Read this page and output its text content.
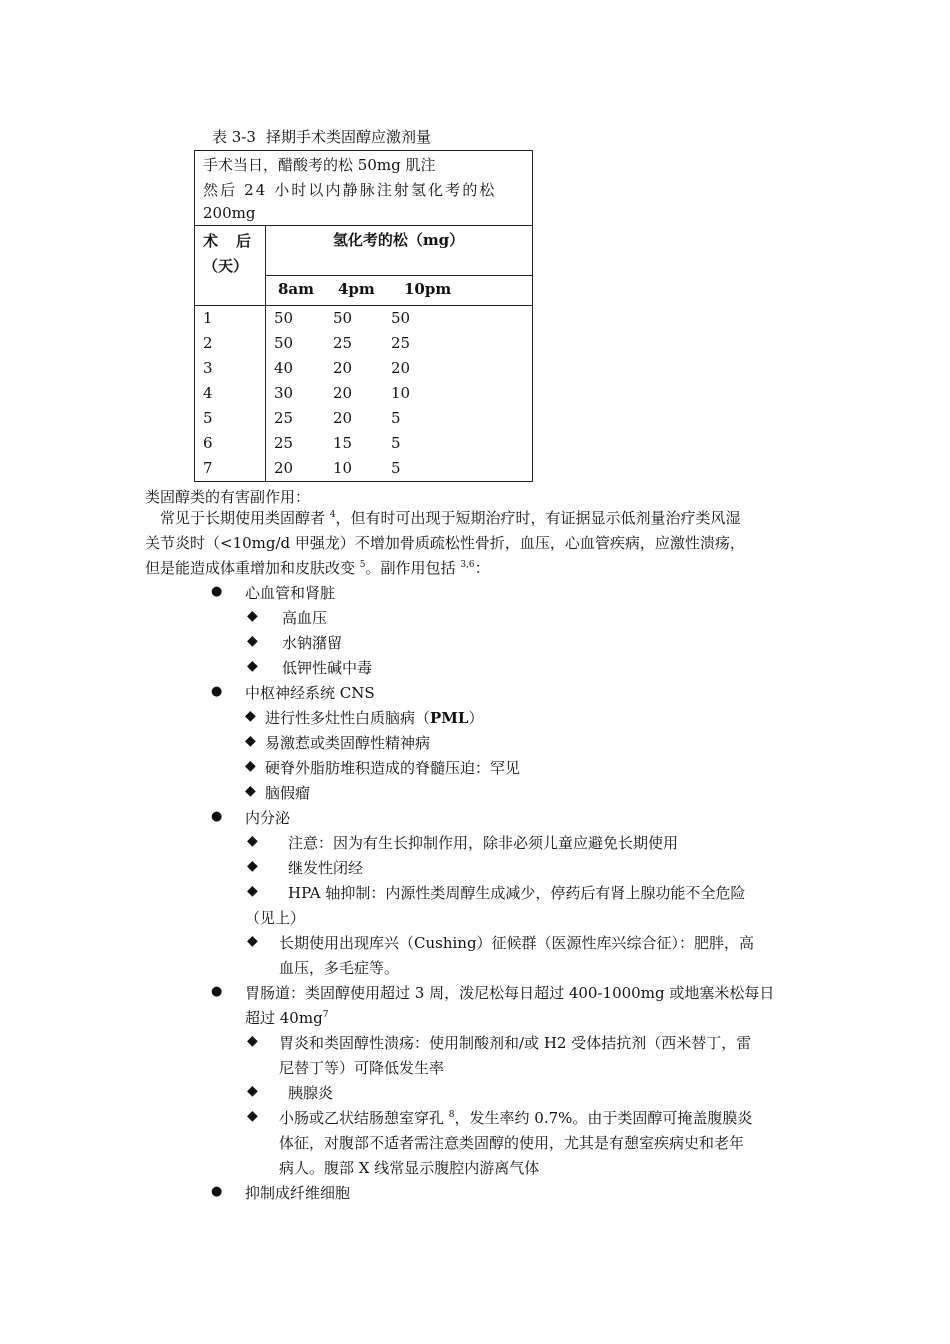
表 3-3 择期手术类固醇应激剂量
手术当日，醋酸考的松 50mg 肌注
然后 24 小时以内静脉注射氢化考的松
200mg
术后
（天）
氢化考的松（mg）
8am 4pm 10pm
1	50	50	50
2	50	25	25
3	40	20	20
4	30	20	10
5	25	20	5
6	25	15	5
7	20	10	5
类固醇类的有害副作用：
常见于长期使用类固醇者 $^4$，但有时可出现于短期治疗时，有证据显示低剂量治疗类风湿
关节炎时（<10mg/d 甲强龙）不增加骨质疏松性骨折，血压，心血管疾病，应激性溃疡，
但是能造成体重增加和皮肤改变 $^5$。副作用包括 $^{3,6}$：
● 心血管和肾脏
◆ 高血压
◆ 水钠潴留
◆ 低钾性碱中毒
● 中枢神经系统 CNS
◆ 进行性多灶性白质脑病（PML）
◆ 易激惹或类固醇性精神病
◆ 硬脊外脂肪堆积造成的脊髓压迫：罕见
◆ 脑假瘤
● 内分泌
◆ 注意：因为有生长抑制作用，除非必须儿童应避免长期使用
◆ 继发性闭经
◆ HPA 轴抑制：内源性类周醇生成减少，停药后有肾上腺功能不全危险
（见上）
◆ 长期使用出现库兴（Cushing）征候群（医源性库兴综合征）：肥胖，高
血压，多毛症等。
● 胃肠道：类固醇使用超过 3 周，泼尼松每日超过 400-1000mg 或地塞米松每日
超过 $40mg^7$
◆ 胃炎和类固醇性溃疡：使用制酸剂和/或 H2 受体拮抗剂（西米替丁，雷
尼替丁等）可降低发生率
◆ 胰腺炎
◆ 小肠或乙状结肠憩室穿孔 $^8$，发生率约 0.7%。由于类固醇可掩盖腹膜炎
体征，对腹部不适者需注意类固醇的使用，尤其是有憩室疾病史和老年
病人。腹部 X 线常显示腹腔内游离气体
● 抑制成纤维细胞
